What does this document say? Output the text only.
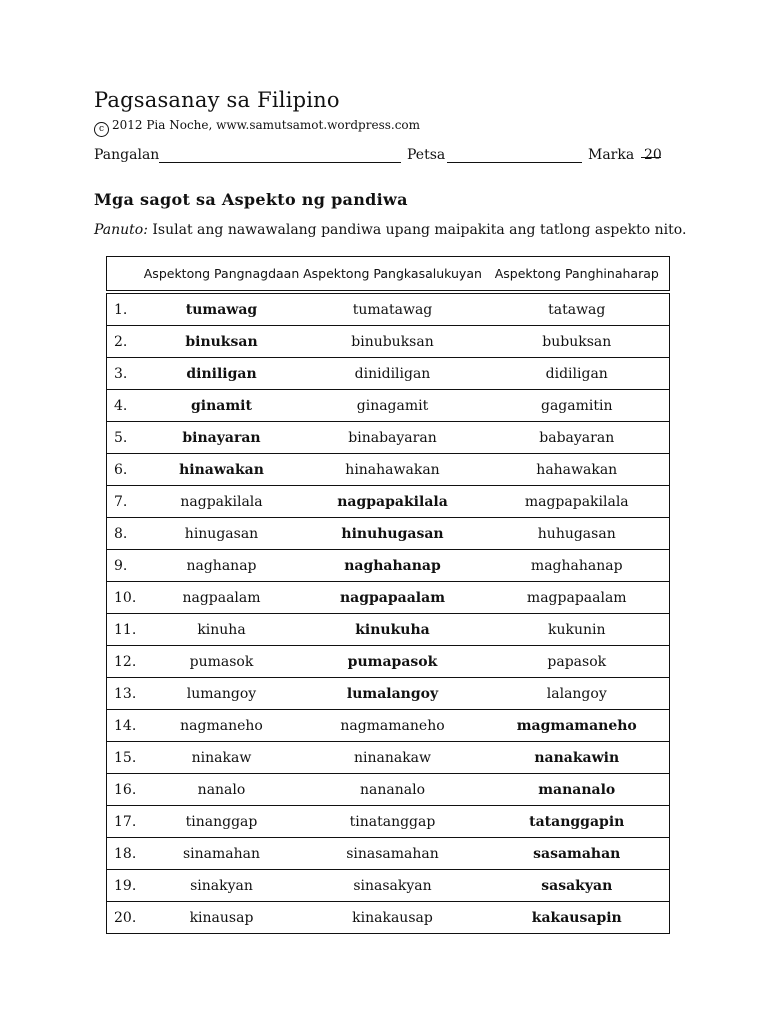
Pagsasanay sa Filipino
c 2012 Pia Noche, www.samutsamot.wordpress.com
Pangalan	Petsa	Marka 20
Mga sagot sa Aspekto ng pandiwa
Panuto: Isulat ang nawawalang pandiwa upang maipakita ang tatlong aspekto nito.
	Aspektong Pangnagdaan	Aspektong Pangkasalukuyan	Aspektong Panghinaharap
1.	tumawag	tumatawag	tatawag
2.	binuksan	binubuksan	bubuksan
3.	diniligan	dinidiligan	didiligan
4.	ginamit	ginagamit	gagamitin
5.	binayaran	binabayaran	babayaran
6.	hinawakan	hinahawakan	hahawakan
7.	nagpakilala	nagpapakilala	magpapakilala
8.	hinugasan	hinuhugasan	huhugasan
9.	naghanap	naghahanap	maghahanap
10.	nagpaalam	nagpapaalam	magpapaalam
11.	kinuha	kinukuha	kukunin
12.	pumasok	pumapasok	papasok
13.	lumangoy	lumalangoy	lalangoy
14.	nagmaneho	nagmamaneho	magmamaneho
15.	ninakaw	ninanakaw	nanakawin
16.	nanalo	nananalo	mananalo
17.	tinanggap	tinatanggap	tatanggapin
18.	sinamahan	sinasamahan	sasamahan
19.	sinakyan	sinasakyan	sasakyan
20.	kinausap	kinakausap	kakausapin
